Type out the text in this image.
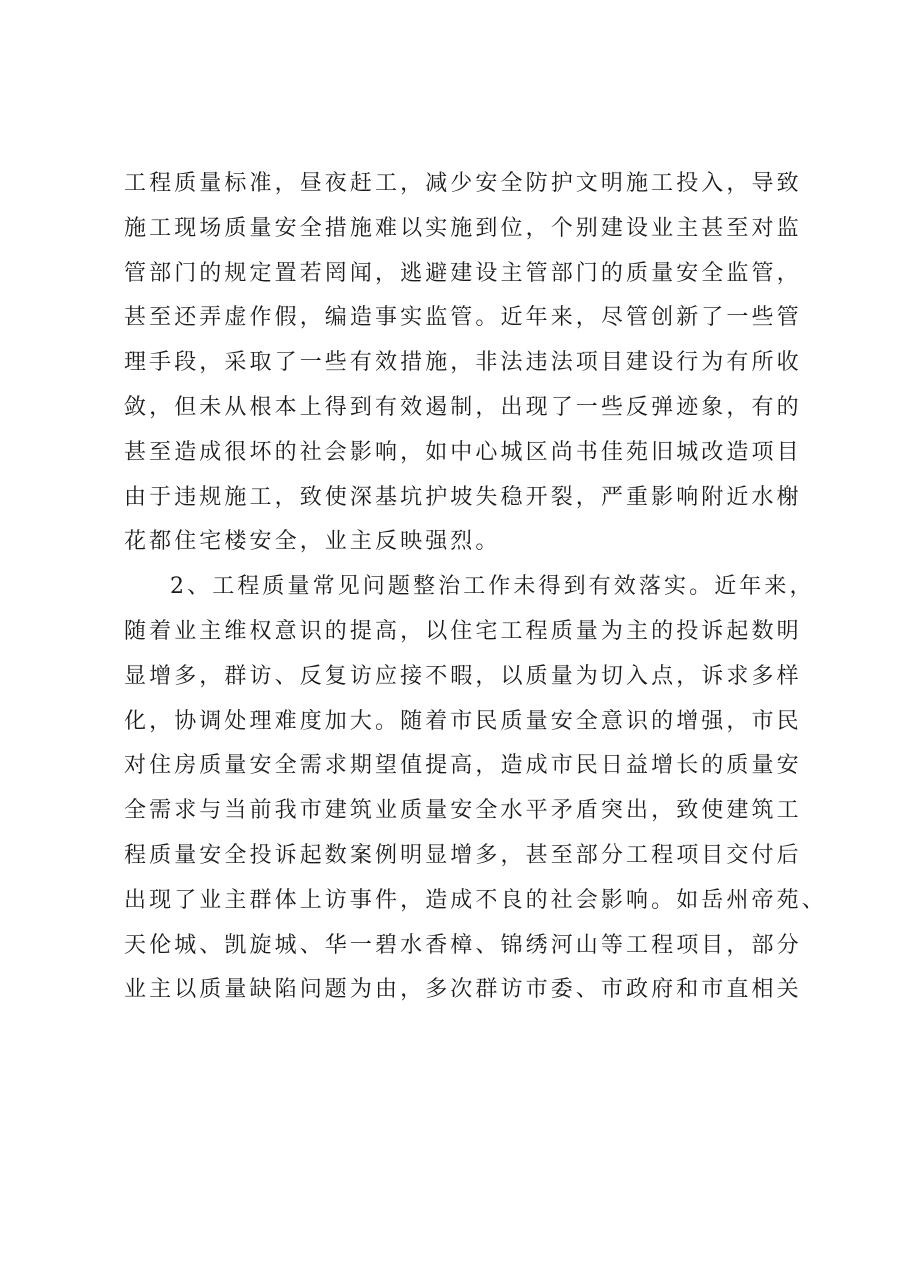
工程质量标准，昼夜赶工，减少安全防护文明施工投入，导致
施工现场质量安全措施难以实施到位，个别建设业主甚至对监
管部门的规定置若罔闻，逃避建设主管部门的质量安全监管，
甚至还弄虚作假，编造事实监管。近年来，尽管创新了一些管
理手段，采取了一些有效措施，非法违法项目建设行为有所收
敛，但未从根本上得到有效遏制，出现了一些反弹迹象，有的
甚至造成很坏的社会影响，如中心城区尚书佳苑旧城改造项目
由于违规施工，致使深基坑护坡失稳开裂，严重影响附近水榭
花都住宅楼安全，业主反映强烈。
2、工程质量常见问题整治工作未得到有效落实。近年来，
随着业主维权意识的提高，以住宅工程质量为主的投诉起数明
显增多，群访、反复访应接不暇，以质量为切入点，诉求多样
化，协调处理难度加大。随着市民质量安全意识的增强，市民
对住房质量安全需求期望值提高，造成市民日益增长的质量安
全需求与当前我市建筑业质量安全水平矛盾突出，致使建筑工
程质量安全投诉起数案例明显增多，甚至部分工程项目交付后
出现了业主群体上访事件，造成不良的社会影响。如岳州帝苑、
天伦城、凯旋城、华一碧水香樟、锦绣河山等工程项目，部分
业主以质量缺陷问题为由，多次群访市委、市政府和市直相关
